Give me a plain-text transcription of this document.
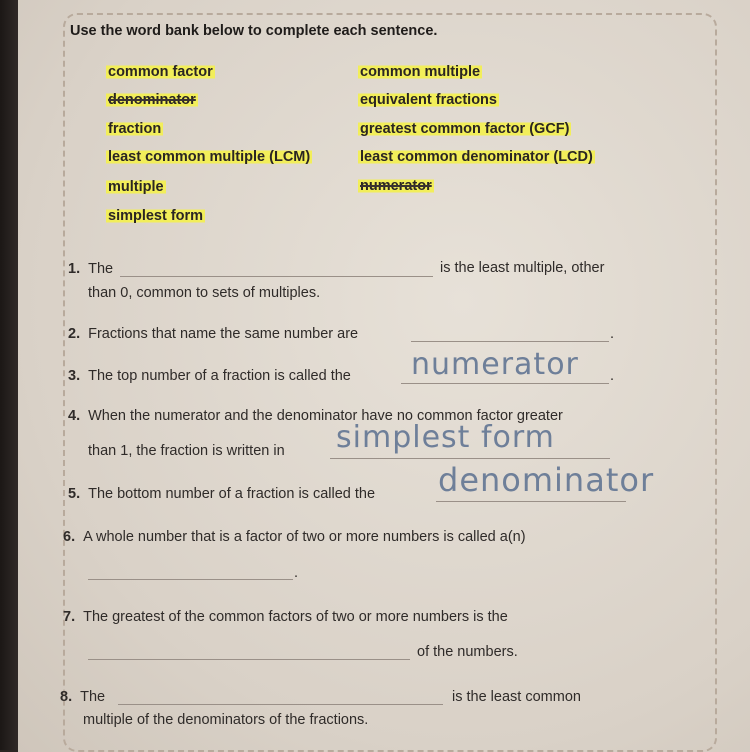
Use the word bank below to complete each sentence.
common factor
denominator
fraction
least common multiple (LCM)
multiple
simplest form
common multiple
equivalent fractions
greatest common factor (GCF)
least common denominator (LCD)
numerator
1. The	is the least multiple, other
than 0, common to sets of multiples.
2. Fractions that name the same number are	.
3. The top number of a fraction is called the numerator .
4. When the numerator and the denominator have no common factor greater
than 1, the fraction is written in simplest form
5. The bottom number of a fraction is called the denominator
6. A whole number that is a factor of two or more numbers is called a(n)
.
7. The greatest of the common factors of two or more numbers is the
of the numbers.
8. The	is the least common
multiple of the denominators of the fractions.
